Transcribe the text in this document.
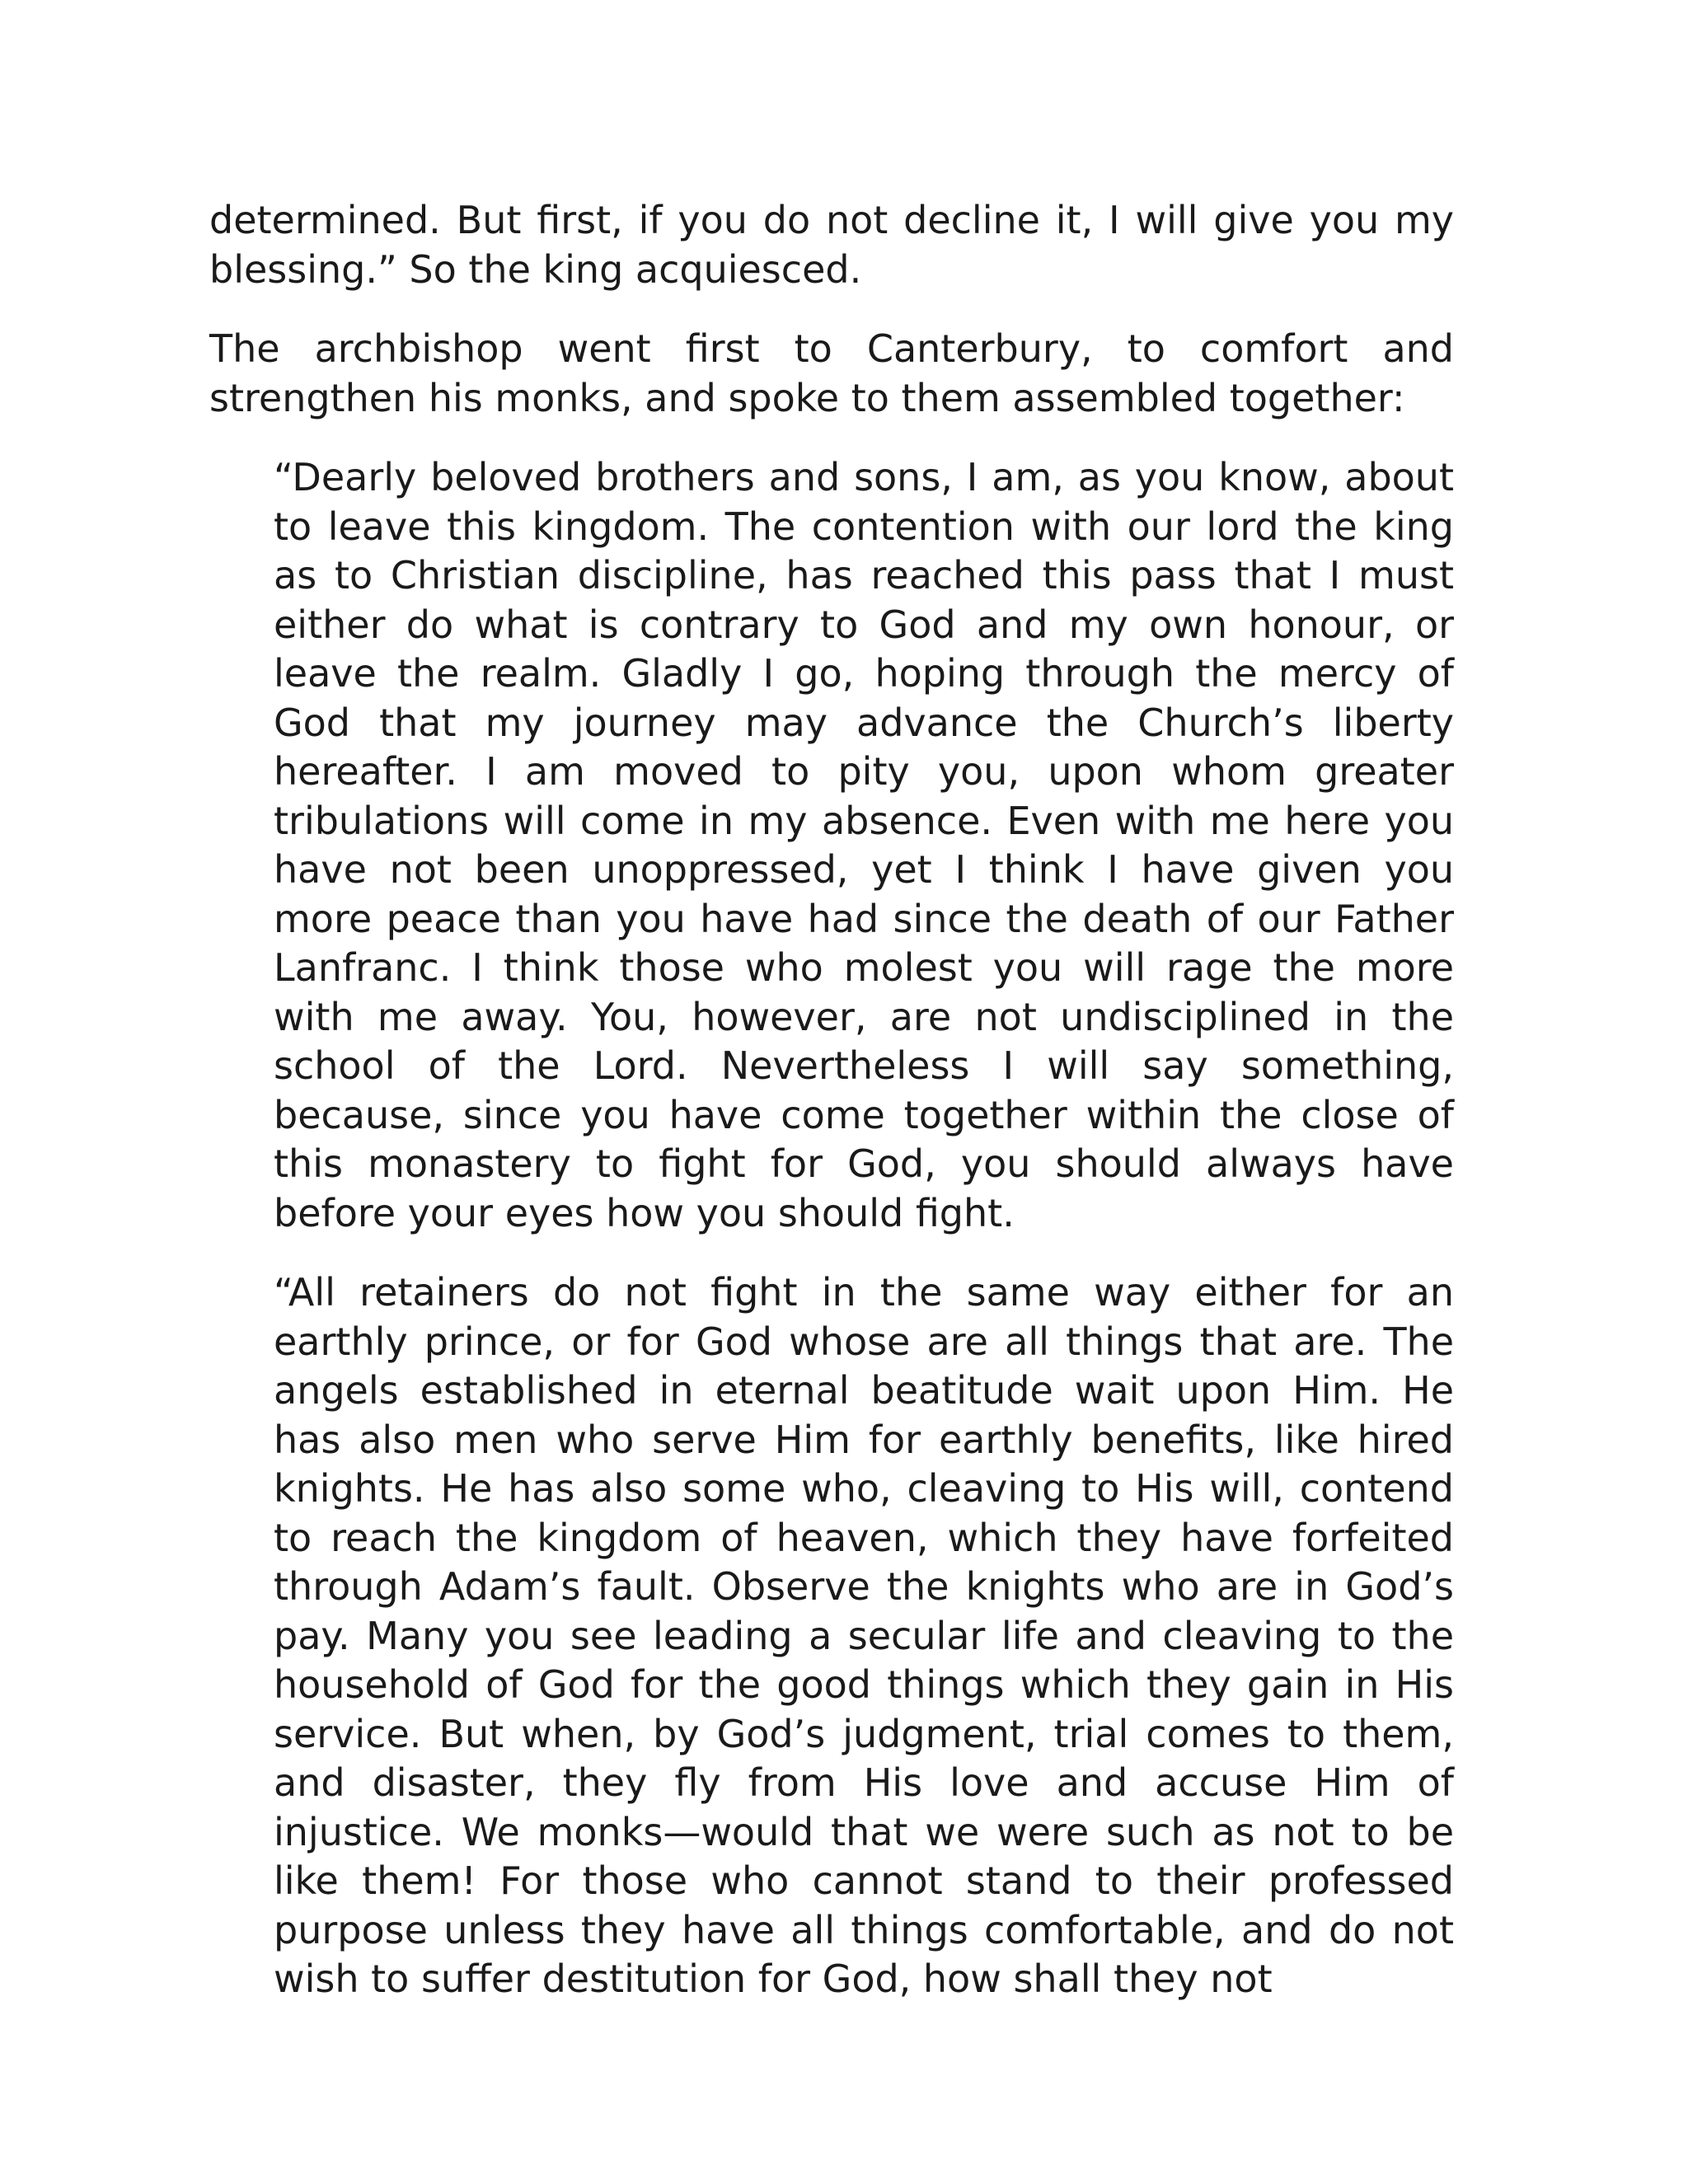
determined. But first, if you do not decline it, I will give you my blessing.” So the king acquiesced.

The archbishop went first to Canterbury, to comfort and strengthen his monks, and spoke to them assembled together:

“Dearly beloved brothers and sons, I am, as you know, about to leave this kingdom. The contention with our lord the king as to Christian discipline, has reached this pass that I must either do what is contrary to God and my own honour, or leave the realm. Gladly I go, hoping through the mercy of God that my journey may advance the Church’s liberty hereafter. I am moved to pity you, upon whom greater tribulations will come in my absence. Even with me here you have not been unoppressed, yet I think I have given you more peace than you have had since the death of our Father Lanfranc. I think those who molest you will rage the more with me away. You, however, are not undisciplined in the school of the Lord. Nevertheless I will say something, because, since you have come together within the close of this monastery to fight for God, you should always have before your eyes how you should fight.

“All retainers do not fight in the same way either for an earthly prince, or for God whose are all things that are. The angels established in eternal beatitude wait upon Him. He has also men who serve Him for earthly benefits, like hired knights. He has also some who, cleaving to His will, contend to reach the kingdom of heaven, which they have forfeited through Adam’s fault. Observe the knights who are in God’s pay. Many you see leading a secular life and cleaving to the household of God for the good things which they gain in His service. But when, by God’s judgment, trial comes to them, and disaster, they fly from His love and accuse Him of injustice. We monks—would that we were such as not to be like them! For those who cannot stand to their professed purpose unless they have all things comfortable, and do not wish to suffer destitution for God, how shall they not
